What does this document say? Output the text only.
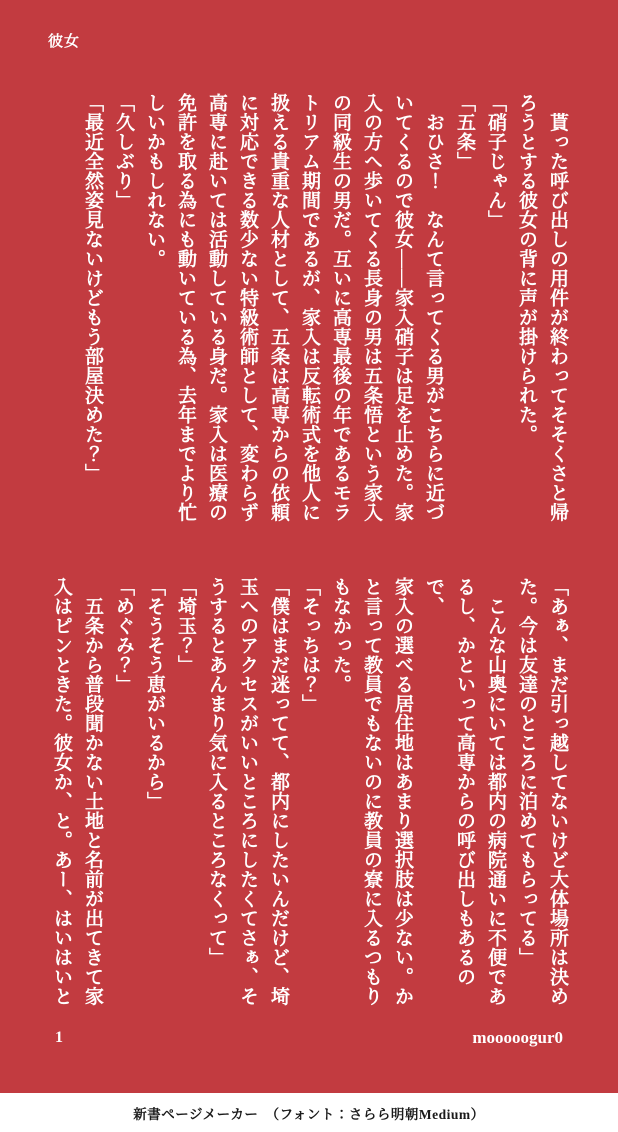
彼女

　貰った呼び出しの用件が終わってそそくさと帰

ろうとする彼女の背に声が掛けられた。

「硝子じゃん」

「五条」

　おひさ！　なんて言ってくる男がこちらに近づ

いてくるので彼女――家入硝子は足を止めた。家

入の方へ歩いてくる長身の男は五条悟という家入

の同級生の男だ。互いに高専最後の年であるモラ

トリアム期間であるが、家入は反転術式を他人に

扱える貴重な人材として、五条は高専からの依頼

に対応できる数少ない特級術師として、変わらず

高専に赴いては活動している身だ。家入は医療の

免許を取る為にも動いている為、去年までより忙

しいかもしれない。

「久しぶり」

「最近全然姿見ないけどもう部屋決めた？」

「あぁ、まだ引っ越してないけど大体場所は決め

た。今は友達のところに泊めてもらってる」

　こんな山奥にいては都内の病院通いに不便であ

るし、かといって高専からの呼び出しもあるので、

家入の選べる居住地はあまり選択肢は少ない。か

と言って教員でもないのに教員の寮に入るつもり

もなかった。

「そっちは？」

「僕はまだ迷ってて、都内にしたいんだけど、埼

玉へのアクセスがいいところにしたくてさぁ、そ

うするとあんまり気に入るところなくって」

「埼玉？」

「そうそう恵がいるから」

「めぐみ？」

　五条から普段聞かない土地と名前が出てきて家

入はピンときた。彼女か、と。あー、はいはいと

1	mooooogur0
新書ページメーカー　（フォント：さらら明朝Medium）
